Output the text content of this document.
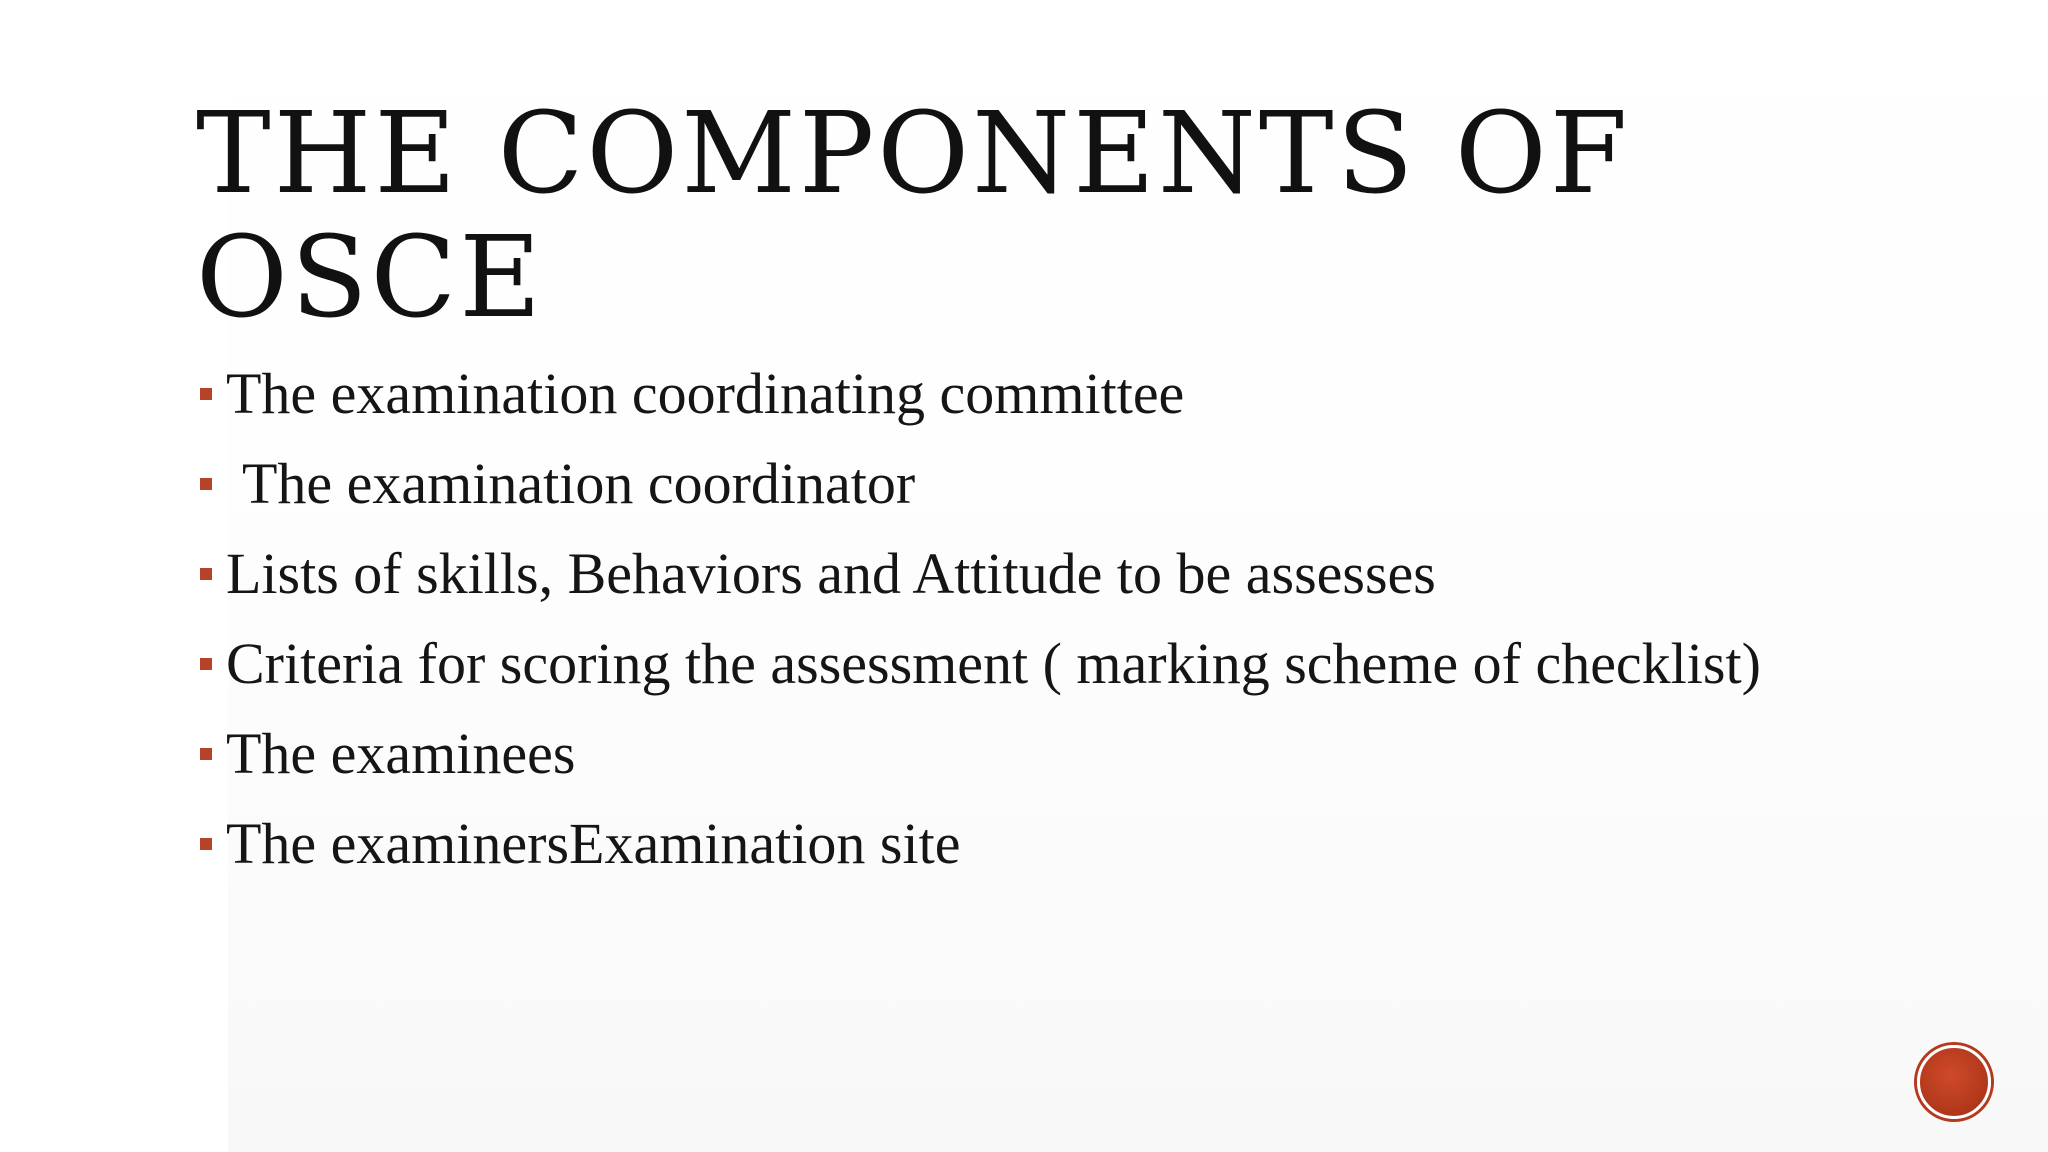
THE COMPONENTS OF OSCE
The examination coordinating committee
The examination coordinator
Lists of skills, Behaviors and Attitude to be assesses
Criteria for scoring the assessment ( marking scheme of checklist)
The examinees
The examinersExamination site
